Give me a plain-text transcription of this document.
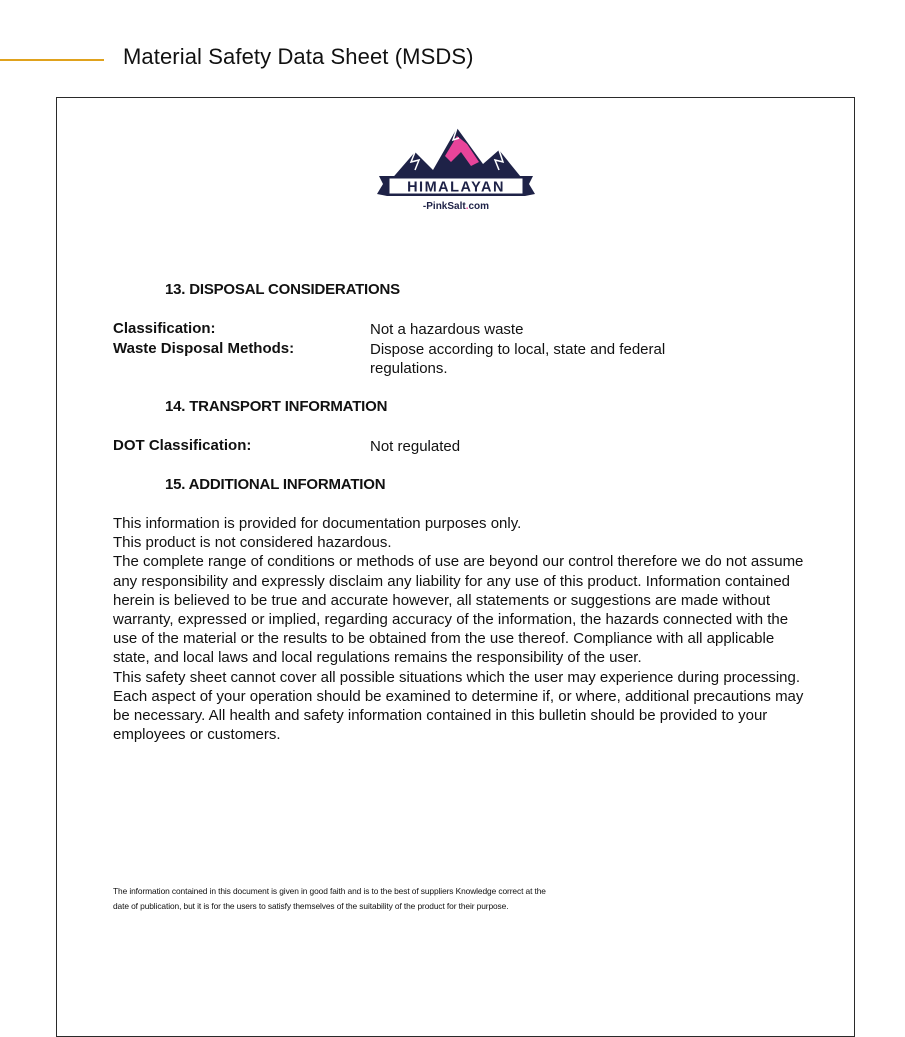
Material Safety Data Sheet (MSDS)
HIMALAYAN
-PinkSalt.com
13. DISPOSAL CONSIDERATIONS
Classification:	Not a hazardous waste
Waste Disposal Methods:	Dispose according to local, state and federal regulations.
14. TRANSPORT INFORMATION
DOT Classification:	Not regulated
15. ADDITIONAL INFORMATION

This information is provided for documentation purposes only.

This product is not considered hazardous.

The complete range of conditions or methods of use are beyond our control therefore we do not assume any responsibility and expressly disclaim any liability for any use of this product. Information contained herein is believed to be true and accurate however, all statements or suggestions are made without warranty, expressed or implied, regarding accuracy of the information, the hazards connected with the use of the material or the results to be obtained from the use thereof. Compliance with all applicable state, and local laws and local regulations remains the responsibility of the user.

This safety sheet cannot cover all possible situations which the user may experience during processing.

Each aspect of your operation should be examined to determine if, or where, additional precautions may be necessary. All health and safety information contained in this bulletin should be provided to your employees or customers.

The information contained in this document is given in good faith and is to the best of suppliers Knowledge correct at the

date of publication, but it is for the users to satisfy themselves of the suitability of the product for their purpose.
